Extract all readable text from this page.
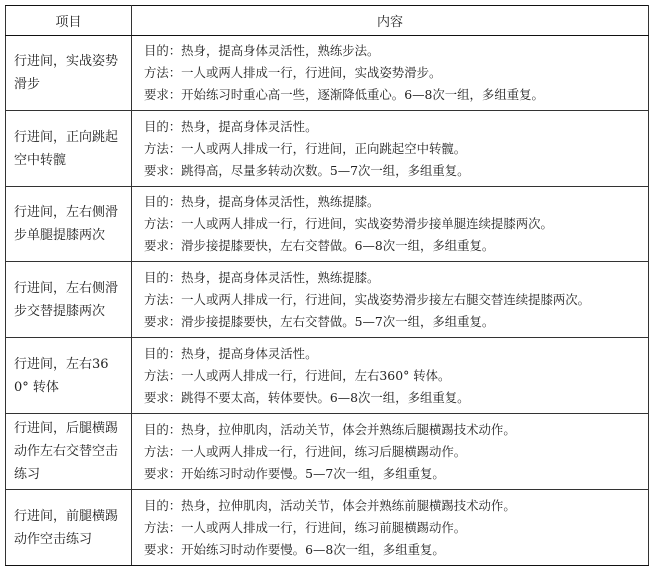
项目	内容
行进间，实战姿势滑步	目的：热身，提高身体灵活性，熟练步法。
方法：一人或两人排成一行，行进间，实战姿势滑步。
要求：开始练习时重心高一些，逐渐降低重心。6—8次一组，多组重复。

行进间，正向跳起空中转髋	目的：热身，提高身体灵活性。
方法：一人或两人排成一行，行进间，正向跳起空中转髋。
要求：跳得高，尽量多转动次数。5—7次一组，多组重复。

行进间，左右侧滑步单腿提膝两次	目的：热身，提高身体灵活性，熟练提膝。
方法：一人或两人排成一行，行进间，实战姿势滑步接单腿连续提膝两次。
要求：滑步接提膝要快，左右交替做。6—8次一组，多组重复。

行进间，左右侧滑步交替提膝两次	目的：热身，提高身体灵活性，熟练提膝。
方法：一人或两人排成一行，行进间，实战姿势滑步接左右腿交替连续提膝两次。
要求：滑步接提膝要快，左右交替做。5—7次一组，多组重复。

行进间，左右360° 转体	目的：热身，提高身体灵活性。
方法：一人或两人排成一行，行进间，左右360° 转体。
要求：跳得不要太高，转体要快。6—8次一组，多组重复。

行进间，后腿横踢动作左右交替空击练习	目的：热身，拉伸肌肉，活动关节，体会并熟练后腿横踢技术动作。
方法：一人或两人排成一行，行进间，练习后腿横踢动作。
要求：开始练习时动作要慢。5—7次一组，多组重复。

行进间，前腿横踢动作空击练习	目的：热身，拉伸肌肉，活动关节，体会并熟练前腿横踢技术动作。
方法：一人或两人排成一行，行进间，练习前腿横踢动作。
要求：开始练习时动作要慢。6—8次一组，多组重复。
